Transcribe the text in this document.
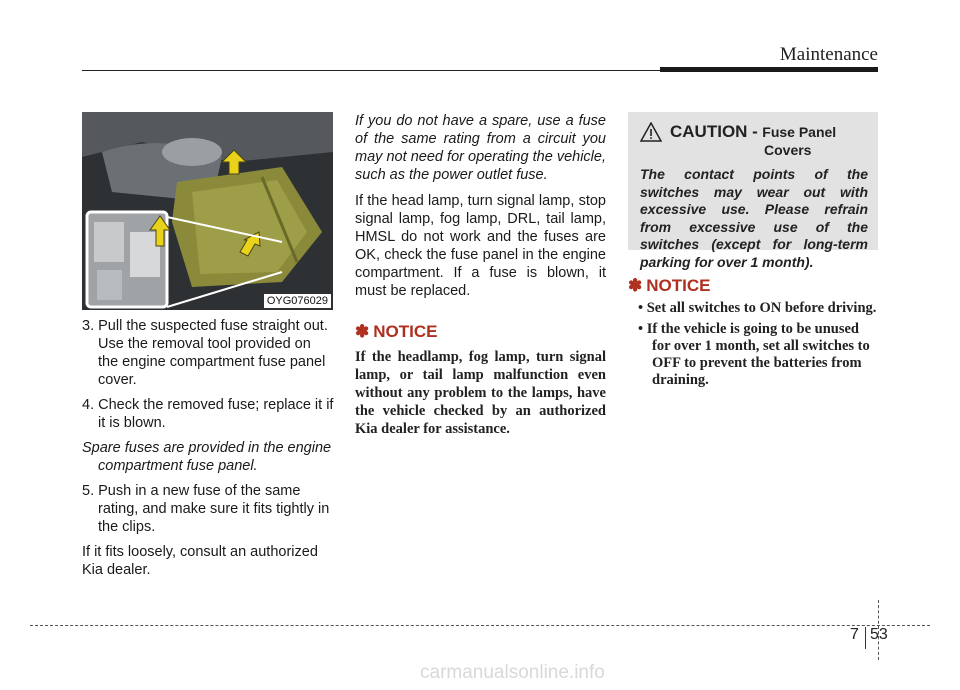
Maintenance
OYG076029
3. Pull the suspected fuse straight out. Use the removal tool provided on the engine compartment fuse panel cover.
4. Check the removed fuse; replace it if it is blown.
Spare fuses are provided in the engine compartment fuse panel.
5. Push in a new fuse of the same rating, and make sure it fits tightly in the clips.
If it fits loosely, consult an authorized Kia dealer.
If you do not have a spare, use a fuse of the same rating from a circuit you may not need for operating the vehicle, such as the power outlet fuse.
If the head lamp, turn signal lamp, stop signal lamp, fog lamp, DRL, tail lamp, HMSL do not work and the fuses are OK, check the fuse panel in the engine compartment. If a fuse is blown, it must be replaced.
✽ NOTICE
If the headlamp, fog lamp, turn signal lamp, or tail lamp malfunction even without any problem to the lamps, have the vehicle checked by an authorized Kia dealer for assistance.
CAUTION - Fuse Panel
Covers
The contact points of the switches may wear out with excessive use. Please refrain from excessive use of the switches (except for long-term parking for over 1 month).
✽ NOTICE
• Set all switches to ON before driving.
• If the vehicle is going to be unused for over 1 month, set all switches to OFF to prevent the batteries from draining.
7 53
carmanualsonline.info
